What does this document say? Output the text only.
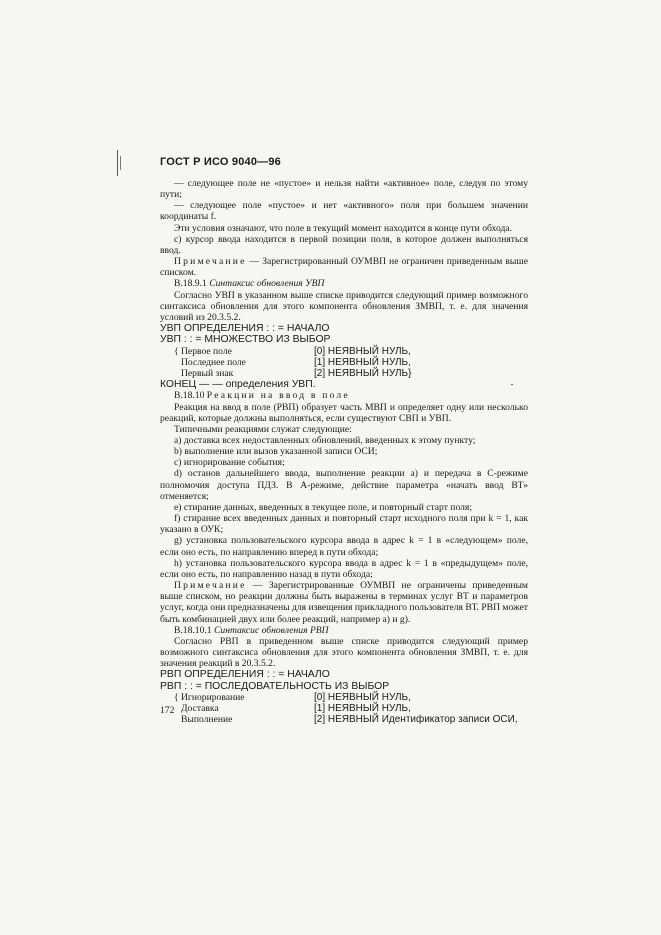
ГОСТ Р ИСО 9040—96

— следующее поле не «пустое» и нельзя найти «активное» поле, следуя по этому пути;

— следующее поле «пустое» и нет «активного» поля при большем значении координаты f.

Эти условия означают, что поле в текущий момент находится в конце пути обхода.

с) курсор ввода находится в первой позиции поля, в которое должен выполняться ввод.

Примечание — Зарегистрированный ОУМВП не ограничен приведенным выше списком.

В.18.9.1 Синтаксис обновления УВП

Согласно УВП в указанном выше списке приводится следующий пример возможного синтаксиса обновления для этого компонента обновления ЗМВП, т. е. для значения условий из 20.3.5.2.

УВП ОПРЕДЕЛЕНИЯ : : = НАЧАЛО

УВП : : = МНОЖЕСТВО ИЗ ВЫБОР

{ Первое поле	[0] НЕЯВНЫЙ НУЛЬ,
Последнее поле	[1] НЕЯВНЫЙ НУЛЬ,
Первый знак	[2] НЕЯВНЫЙ НУЛЬ}

КОНЕЦ — — определения УВП.

В.18.10 Реакции на ввод в поле

Реакция на ввод в поле (РВП) образует часть МВП и определяет одну или несколько реакций, которые должны выполняться, если существуют СВП и УВП.

Типичными реакциями служат следующие:

а) доставка всех недоставленных обновлений, введенных к этому пункту;

b) выполнение или вызов указанной записи ОСИ;

с) игнорирование события;

d) останов дальнейшего ввода, выполнение реакции а) и передача в С-режиме полномочия доступа ПДЗ. В А-режиме, действие параметра «начать ввод ВТ» отменяется;

е) стирание данных, введенных в текущее поле, и повторный старт поля;

f) стирание всех введенных данных и повторный старт исходного поля при k = 1, как указано в ОУК;

g) установка пользовательского курсора ввода в адрес k = 1 в «следующем» поле, если оно есть, по направлению вперед в пути обхода;

h) установка пользовательского курсора ввода в адрес k = 1 в «предыдущем» поле, если оно есть, по направлению назад в пути обхода;

Примечание — Зарегистрированные ОУМВП не ограничены приведенным выше списком, но реакции должны быть выражены в терминах услуг ВТ и параметров услуг, когда они предназначены для извещения прикладного пользователя ВТ. РВП может быть комбинацией двух или более реакций, например а) и g).

В.18.10.1 Синтаксис обновления РВП

Согласно РВП в приведенном выше списке приводится следующий пример возможного синтаксиса обновления для этого компонента обновления ЗМВП, т. е. для значения реакций в 20.3.5.2.

РВП ОПРЕДЕЛЕНИЯ : : = НАЧАЛО

РВП : : = ПОСЛЕДОВАТЕЛЬНОСТЬ ИЗ ВЫБОР

{ Игнорирование	[0] НЕЯВНЫЙ НУЛЬ,
Доставка	[1] НЕЯВНЫЙ НУЛЬ,
Выполнение	[2] НЕЯВНЫЙ Идентификатор записи ОСИ,
172
